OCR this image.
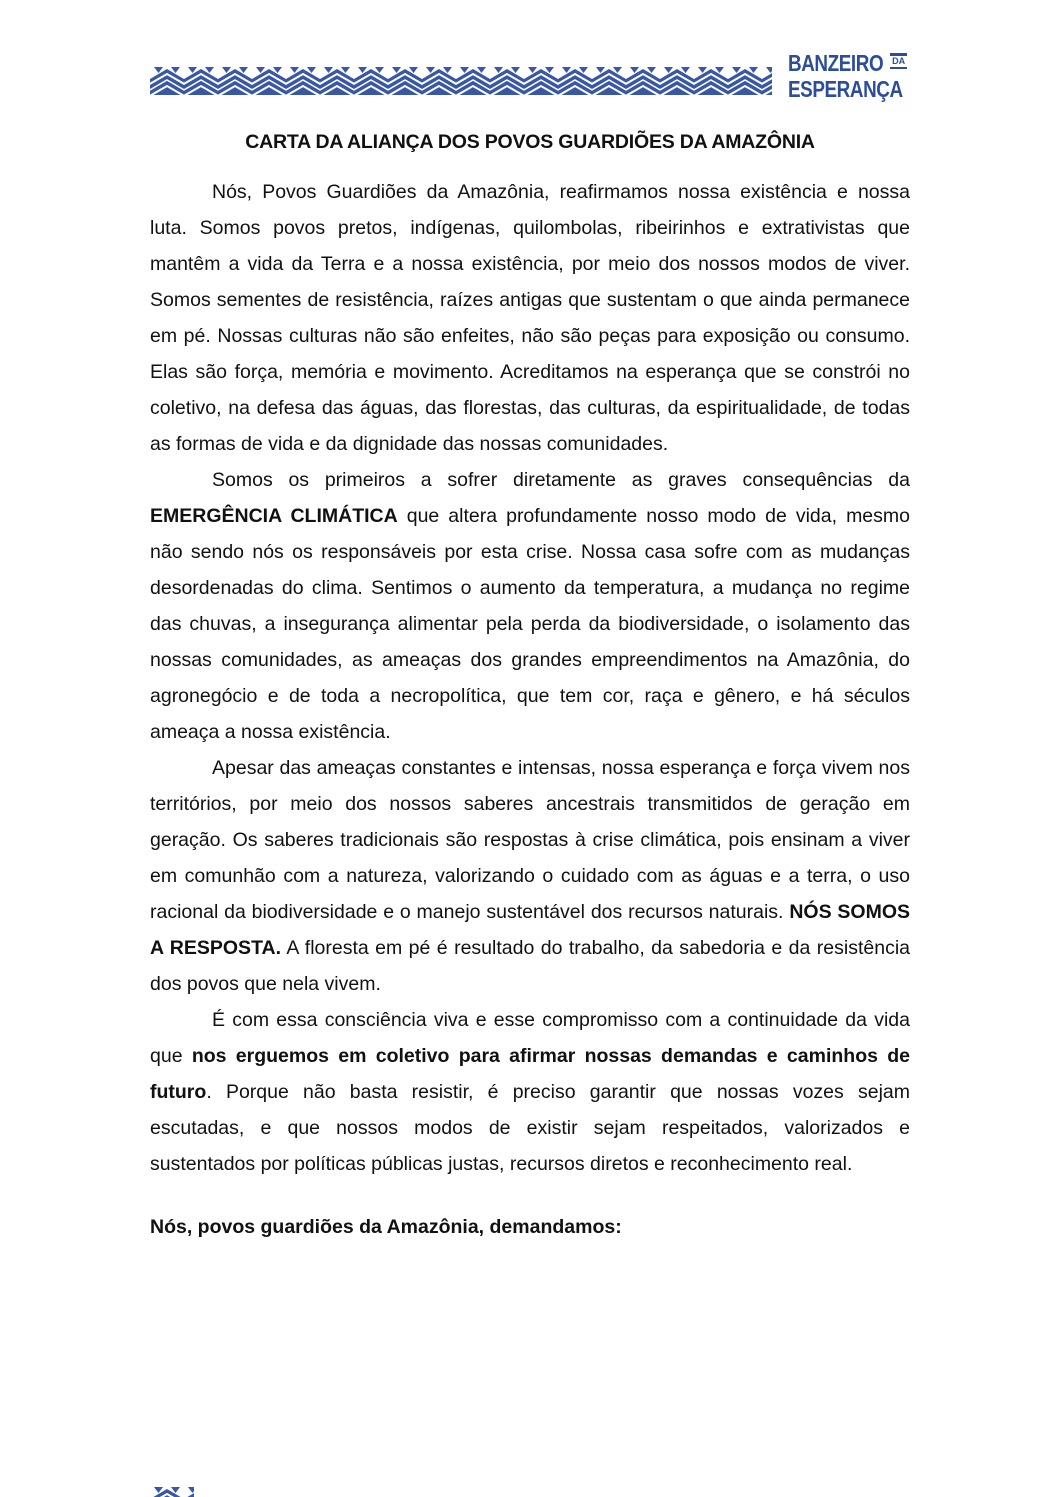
BANZEIRO DA
ESPERANÇA
CARTA DA ALIANÇA DOS POVOS GUARDIÕES DA AMAZÔNIA

Nós, Povos Guardiões da Amazônia, reafirmamos nossa existência e nossa luta. Somos povos pretos, indígenas, quilombolas, ribeirinhos e extrativistas que mantêm a vida da Terra e a nossa existência, por meio dos nossos modos de viver. Somos sementes de resistência, raízes antigas que sustentam o que ainda permanece em pé. Nossas culturas não são enfeites, não são peças para exposição ou consumo. Elas são força, memória e movimento. Acreditamos na esperança que se constrói no coletivo, na defesa das águas, das florestas, das culturas, da espiritualidade, de todas as formas de vida e da dignidade das nossas comunidades.

Somos os primeiros a sofrer diretamente as graves consequências da EMERGÊNCIA CLIMÁTICA que altera profundamente nosso modo de vida, mesmo não sendo nós os responsáveis por esta crise. Nossa casa sofre com as mudanças desordenadas do clima. Sentimos o aumento da temperatura, a mudança no regime das chuvas, a insegurança alimentar pela perda da biodiversidade, o isolamento das nossas comunidades, as ameaças dos grandes empreendimentos na Amazônia, do agronegócio e de toda a necropolítica, que tem cor, raça e gênero, e há séculos ameaça a nossa existência.

Apesar das ameaças constantes e intensas, nossa esperança e força vivem nos territórios, por meio dos nossos saberes ancestrais transmitidos de geração em geração. Os saberes tradicionais são respostas à crise climática, pois ensinam a viver em comunhão com a natureza, valorizando o cuidado com as águas e a terra, o uso racional da biodiversidade e o manejo sustentável dos recursos naturais. NÓS SOMOS A RESPOSTA. A floresta em pé é resultado do trabalho, da sabedoria e da resistência dos povos que nela vivem.

É com essa consciência viva e esse compromisso com a continuidade da vida que nos erguemos em coletivo para afirmar nossas demandas e caminhos de futuro. Porque não basta resistir, é preciso garantir que nossas vozes sejam escutadas, e que nossos modos de existir sejam respeitados, valorizados e sustentados por políticas públicas justas, recursos diretos e reconhecimento real.

Nós, povos guardiões da Amazônia, demandamos:
